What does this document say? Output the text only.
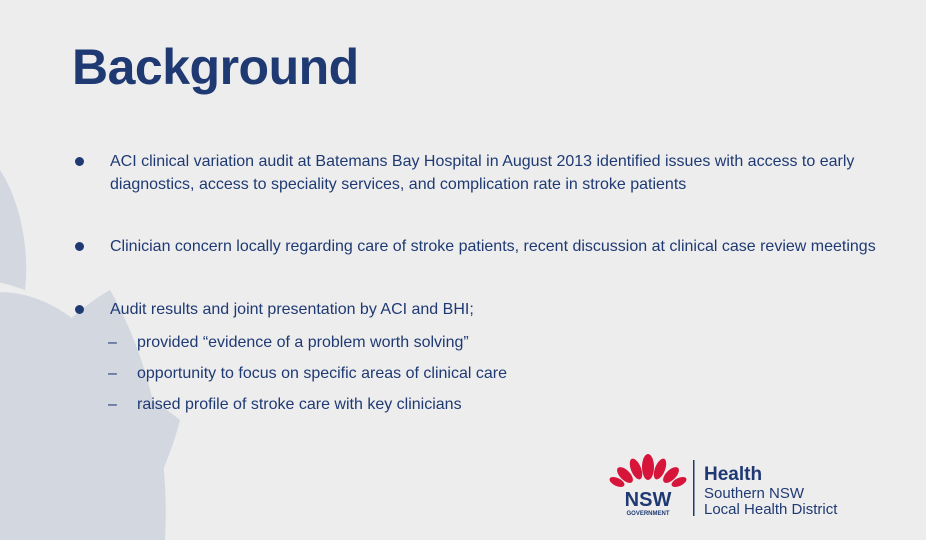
Background
ACI clinical variation audit at Batemans Bay Hospital in August 2013 identified issues with access to early diagnostics, access to speciality services, and complication rate in stroke patients
Clinician concern locally regarding care of stroke patients, recent discussion at clinical case review meetings
Audit results and joint presentation by ACI and BHI;
– provided “evidence of a problem worth solving”
– opportunity to focus on specific areas of clinical care
– raised profile of stroke care with key clinicians
NSW
GOVERNMENT
Health
Southern NSW
Local Health District
